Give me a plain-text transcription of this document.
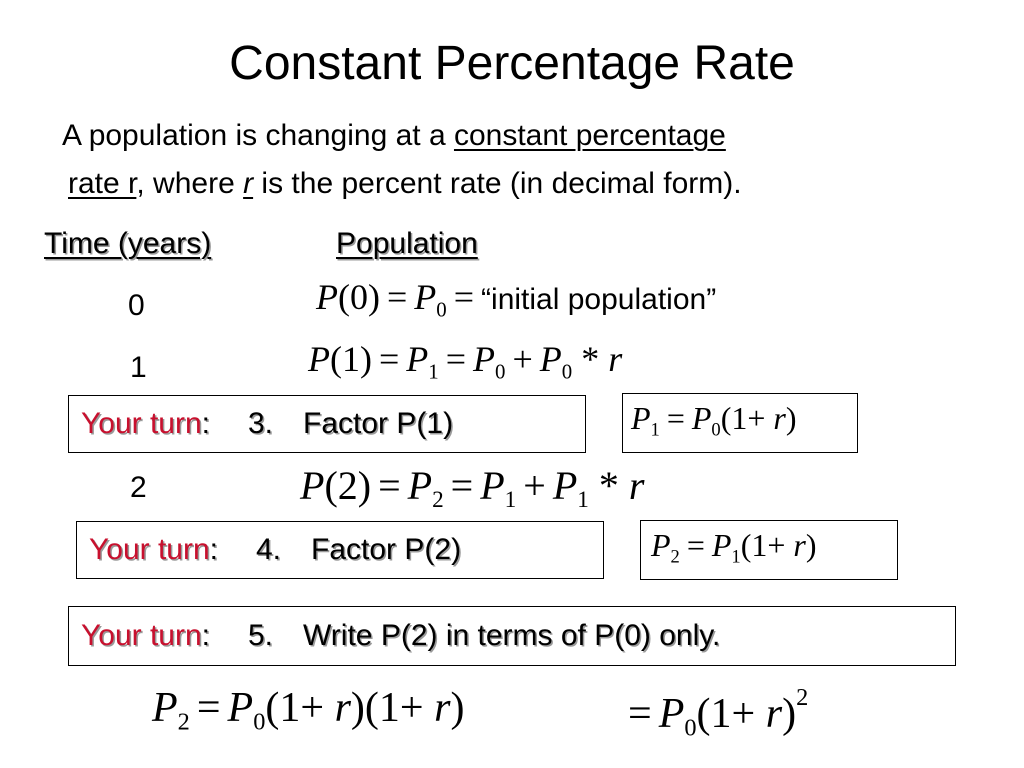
Constant Percentage Rate
A population is changing at a constant percentage
rate r, where r is the percent rate (in decimal form).
Time (years)	Population
0	$P(0) = P_0$ = “initial population”
1	$P(1) = P_1 = P_0 + P_0 * r$
Your turn: 3. Factor P(1)	$P_1 = P_0(1+ r)$
2	$P(2) = P_2 = P_1 + P_1 * r$
Your turn: 4. Factor P(2)	$P_2 = P_1(1+ r)$
Your turn: 5. Write P(2) in terms of P(0) only.
$P_2 = P_0(1+ r)(1+ r)$	= $P_0(1+ r)^2$
